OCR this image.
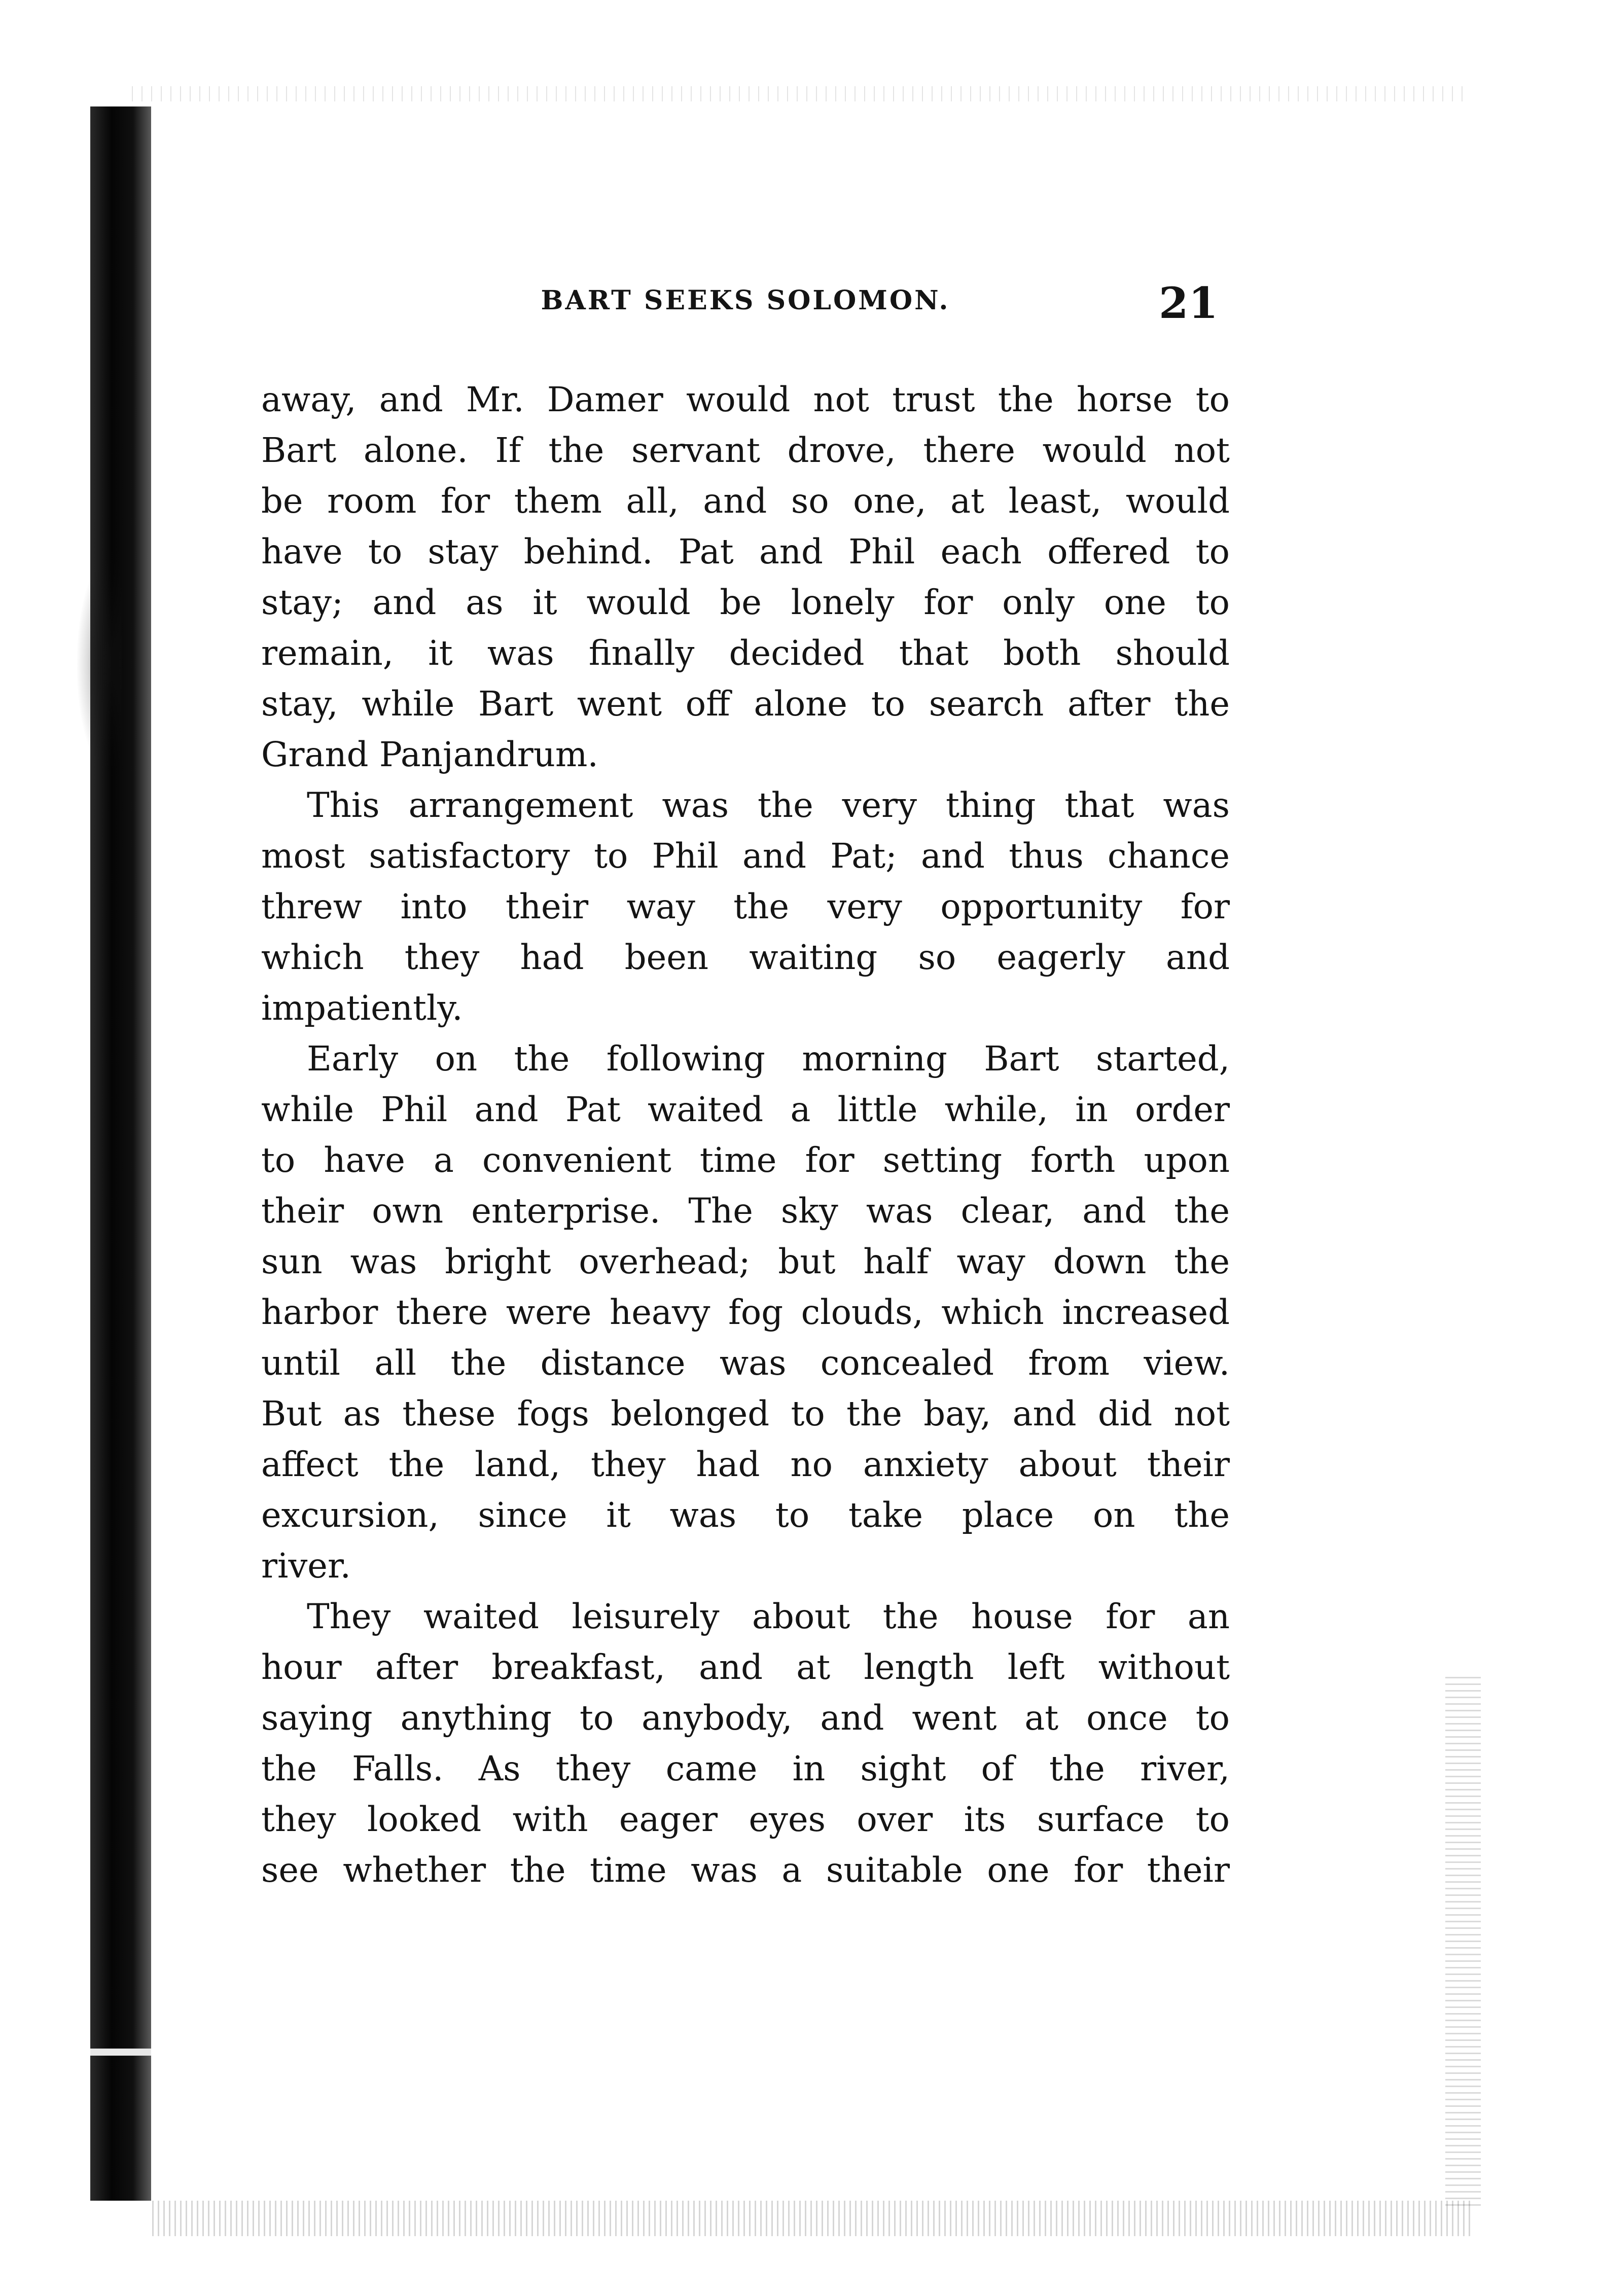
BART SEEKS SOLOMON.	21
away, and Mr. Damer would not trust the horse to
Bart alone. If the servant drove, there would not
be room for them all, and so one, at least, would
have to stay behind. Pat and Phil each offered to
stay; and as it would be lonely for only one to
remain, it was finally decided that both should
stay, while Bart went off alone to search after the
Grand Panjandrum.
This arrangement was the very thing that was
most satisfactory to Phil and Pat; and thus chance
threw into their way the very opportunity for
which they had been waiting so eagerly and
impatiently.
Early on the following morning Bart started,
while Phil and Pat waited a little while, in order
to have a convenient time for setting forth upon
their own enterprise. The sky was clear, and the
sun was bright overhead; but half way down the
harbor there were heavy fog clouds, which increased
until all the distance was concealed from view.
But as these fogs belonged to the bay, and did not
affect the land, they had no anxiety about their
excursion, since it was to take place on the
river.
They waited leisurely about the house for an
hour after breakfast, and at length left without
saying anything to anybody, and went at once to
the Falls. As they came in sight of the river,
they looked with eager eyes over its surface to
see whether the time was a suitable one for their
